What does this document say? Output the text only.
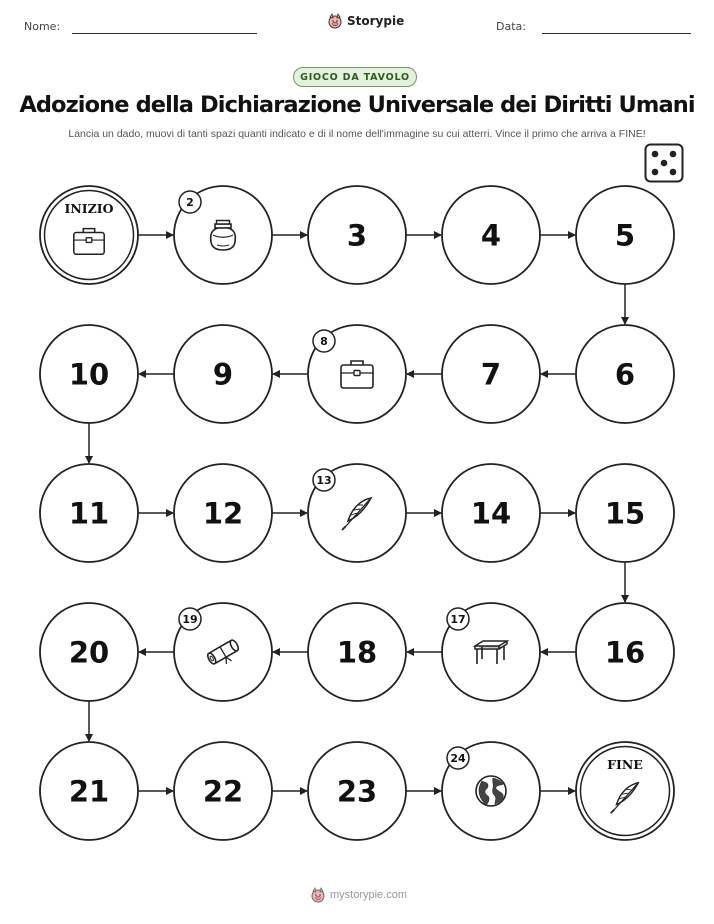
Nome:	Storypie	Data:
GIOCO DA TAVOLO
Adozione della Dichiarazione Universale dei Diritti Umani
Lancia un dado, muovi di tanti spazi quanti indicato e di il nome dell'immagine su cui atterri. Vince il primo che arriva a FINE!
INIZIO	2
3	4	5
6
7
8
9
10
11	12
13
14	15
16
17
18
19
20
21	22	23
24	FINE
mystorypie.com
